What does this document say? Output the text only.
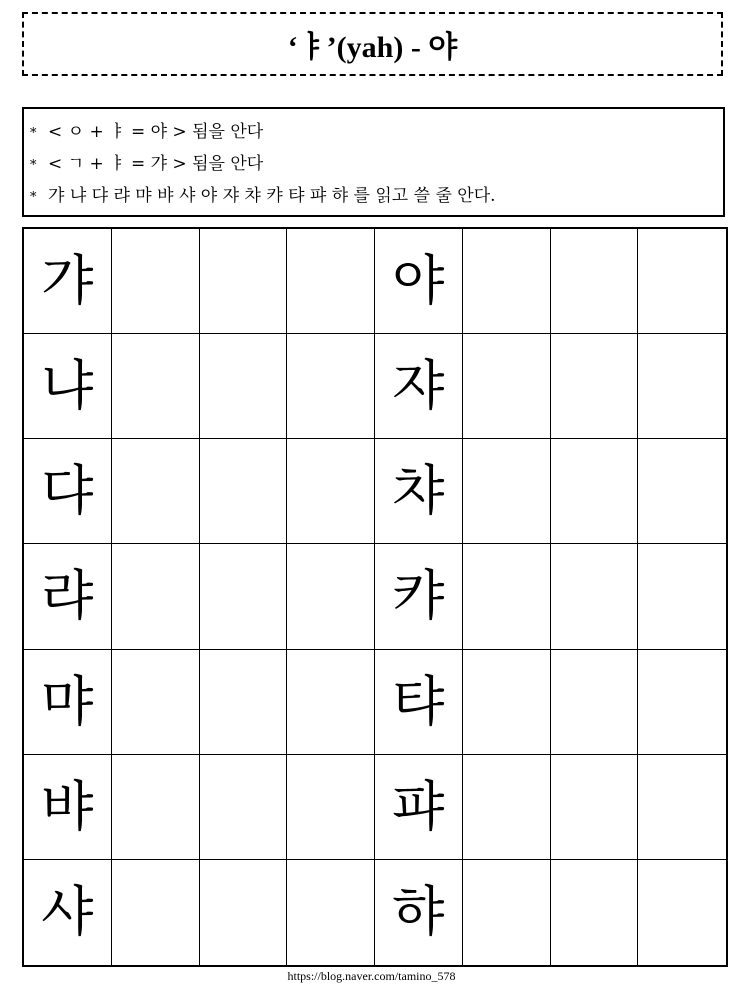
‘ㅑ’(yah) - 야
* < ㅇ + ㅑ = 야 > 됨을 안다
* < ㄱ + ㅑ = 갸 > 됨을 안다
* 갸 냐 댜 랴 먀 뱌 샤 야 쟈 챠 캬 탸 퍄 햐 를 읽고 쓸 줄 안다.
갸	야
냐	쟈
댜	챠
랴	캬
먀	탸
뱌	퍄
샤	햐
https://blog.naver.com/tamino_578
